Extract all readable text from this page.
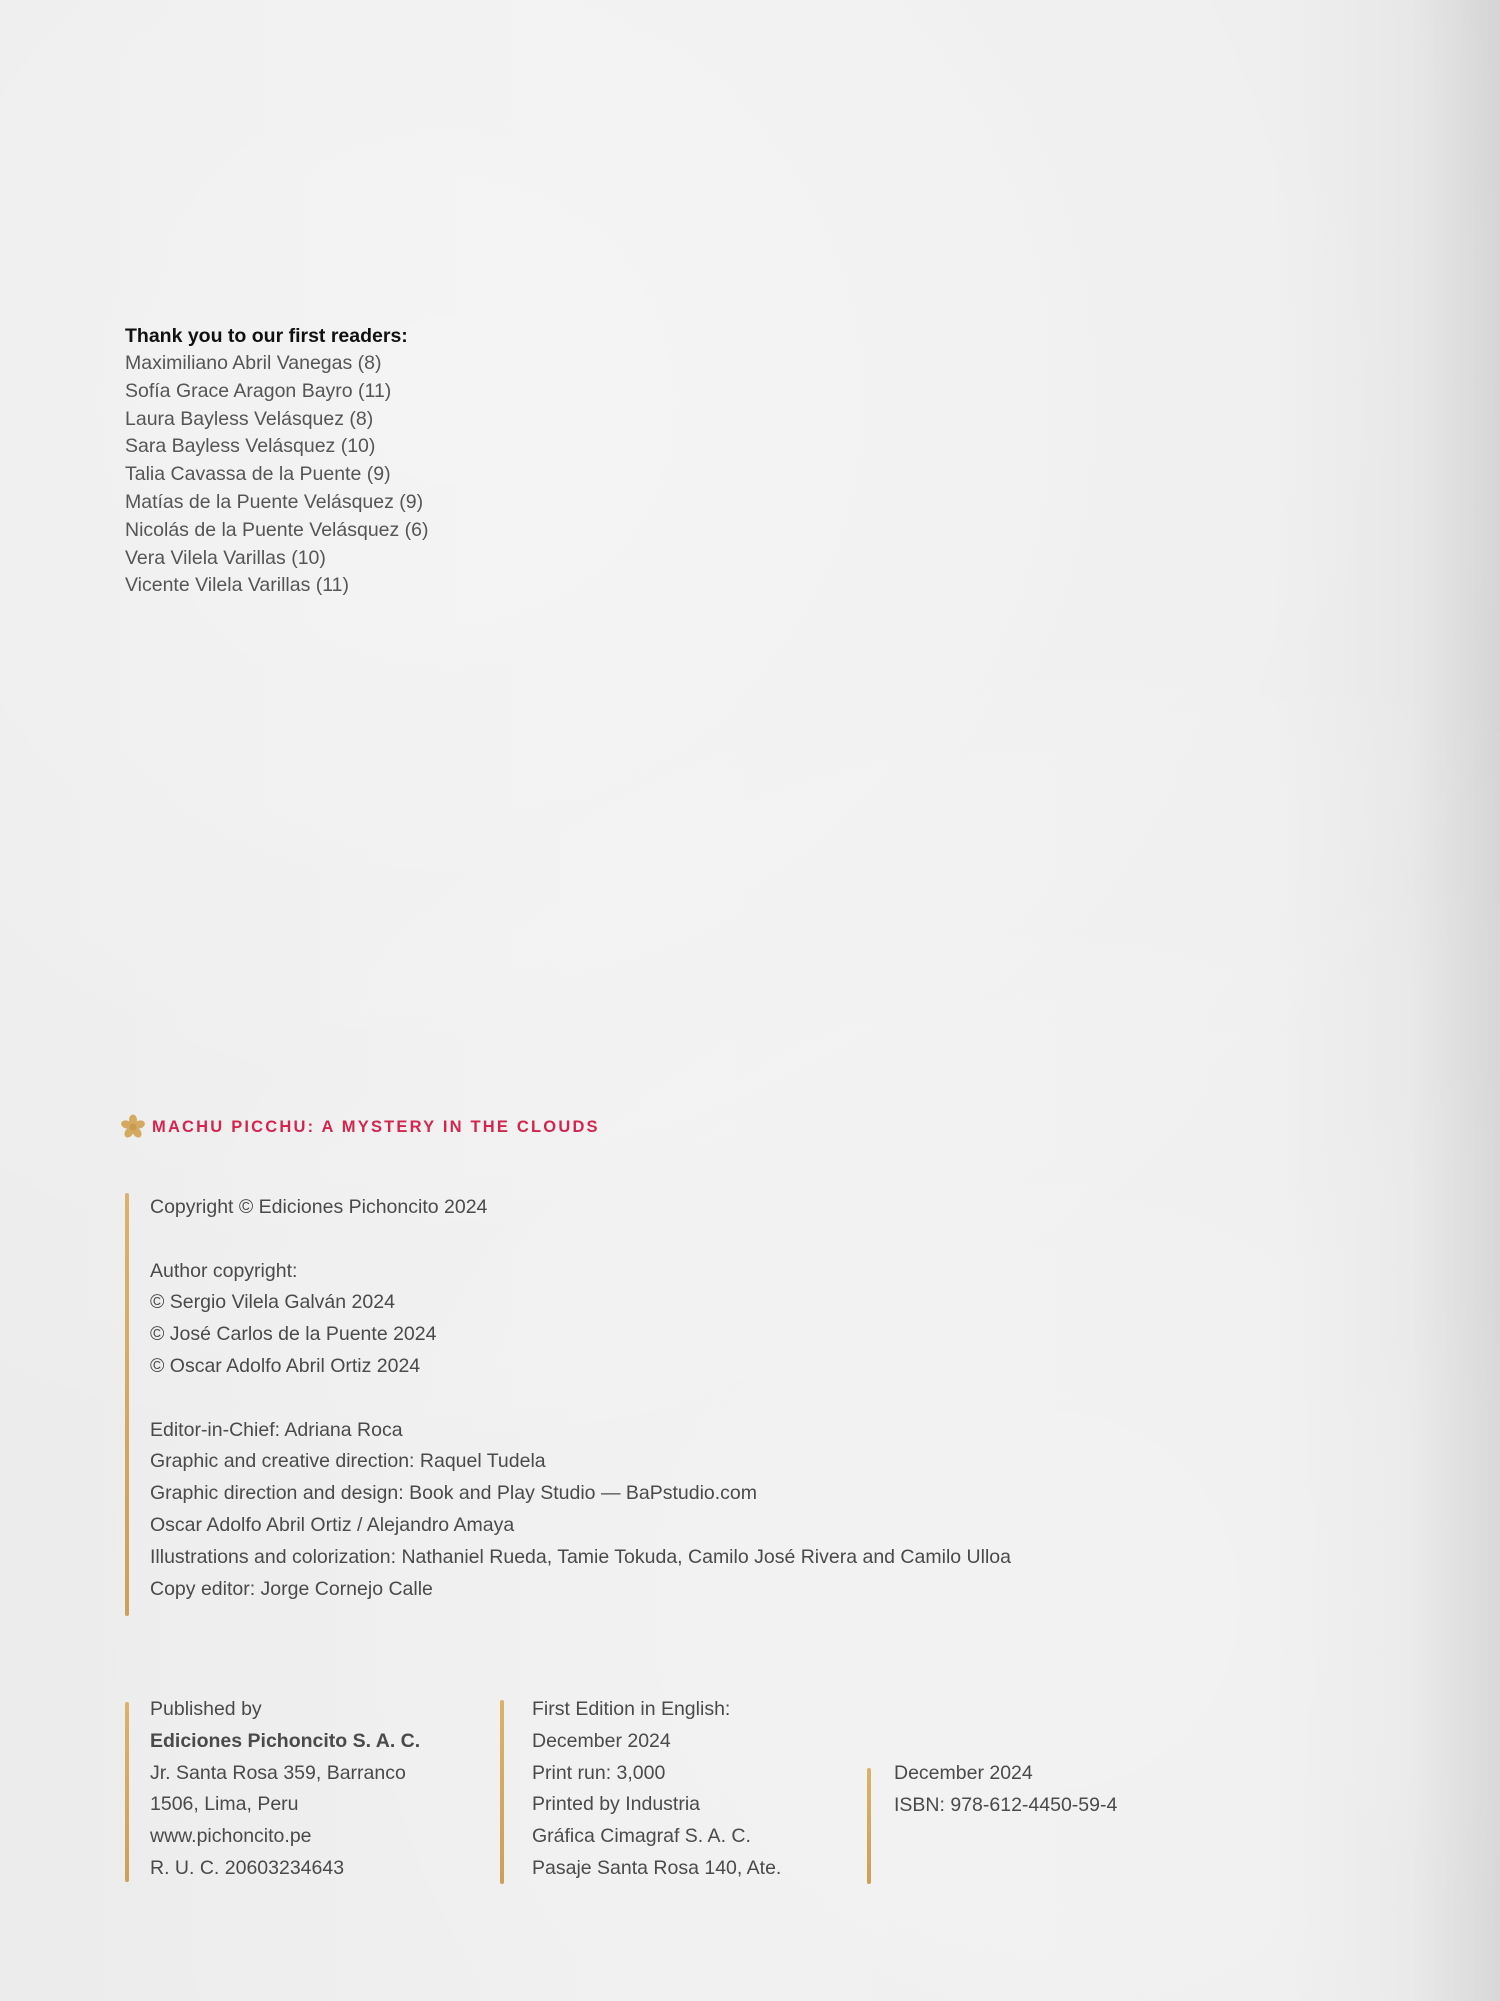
Thank you to our first readers:

Maximiliano Abril Vanegas (8)
Sofía Grace Aragon Bayro (11)
Laura Bayless Velásquez (8)
Sara Bayless Velásquez (10)
Talia Cavassa de la Puente (9)
Matías de la Puente Velásquez (9)
Nicolás de la Puente Velásquez (6)
Vera Vilela Varillas (10)
Vicente Vilela Varillas (11)
MACHU PICCHU: A MYSTERY IN THE CLOUDS

Copyright © Ediciones Pichoncito 2024

Author copyright:

© Sergio Vilela Galván 2024

© José Carlos de la Puente 2024

© Oscar Adolfo Abril Ortiz 2024

Editor-in-Chief: Adriana Roca

Graphic and creative direction: Raquel Tudela

Graphic direction and design: Book and Play Studio — BaPstudio.com

Oscar Adolfo Abril Ortiz / Alejandro Amaya

Illustrations and colorization: Nathaniel Rueda, Tamie Tokuda, Camilo José Rivera and Camilo Ulloa

Copy editor: Jorge Cornejo Calle

Published by

Ediciones Pichoncito S. A. C.

Jr. Santa Rosa 359, Barranco

1506, Lima, Peru

www.pichoncito.pe

R. U. C. 20603234643

First Edition in English:

December 2024

Print run: 3,000

Printed by Industria

Gráfica Cimagraf S. A. C.

Pasaje Santa Rosa 140, Ate.

December 2024

ISBN: 978-612-4450-59-4
